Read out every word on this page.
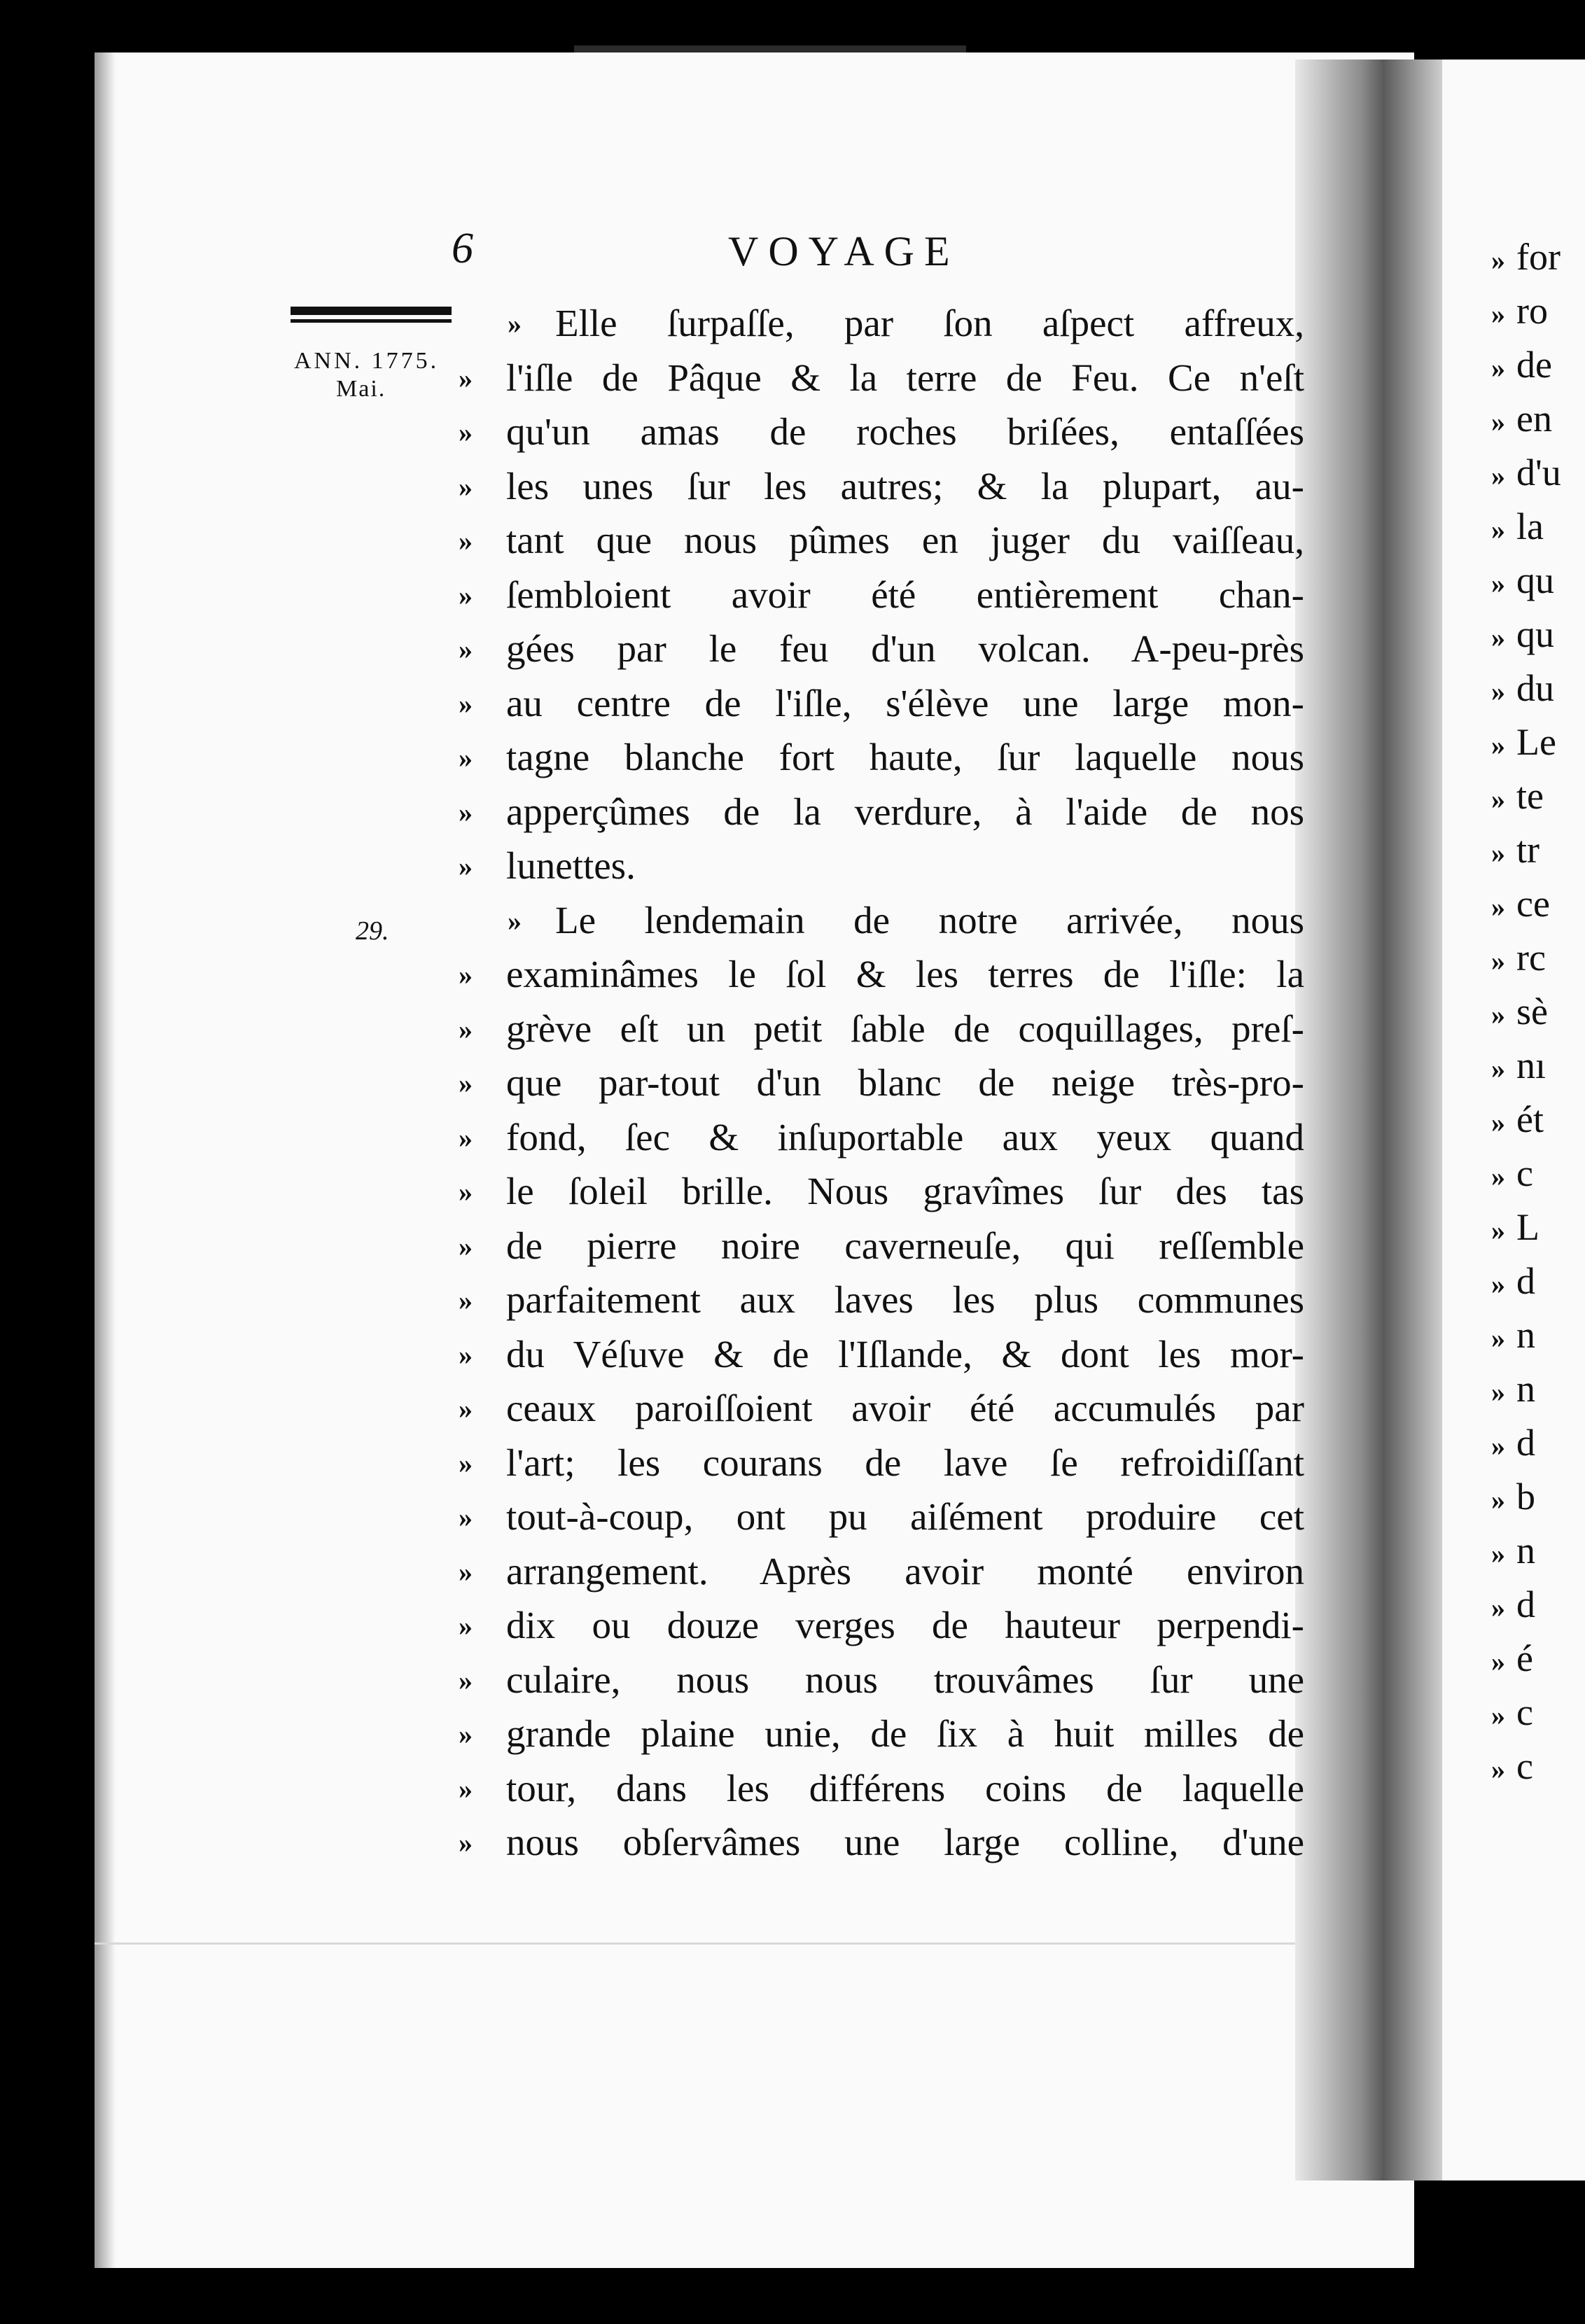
6	VOYAGE
ANN. 1775.
Mai.
29.
» Elle ſurpaſſe, par ſon aſpect affreux,
» l'iſle de Pâque & la terre de Feu. Ce n'eſt
» qu'un amas de roches briſées, entaſſées
» les unes ſur les autres; & la plupart, au-
» tant que nous pûmes en juger du vaiſſeau,
» ſembloient avoir été entièrement chan-
» gées par le feu d'un volcan. A-peu-près
» au centre de l'iſle, s'élève une large mon-
» tagne blanche fort haute, ſur laquelle nous
» apperçûmes de la verdure, à l'aide de nos
» lunettes.
» Le lendemain de notre arrivée, nous
» examinâmes le ſol & les terres de l'iſle: la
» grève eſt un petit ſable de coquillages, preſ-
» que par-tout d'un blanc de neige très-pro-
» fond, ſec & inſuportable aux yeux quand
» le ſoleil brille. Nous gravîmes ſur des tas
» de pierre noire caverneuſe, qui reſſemble
» parfaitement aux laves les plus communes
» du Véſuve & de l'Iſlande, & dont les mor-
» ceaux paroiſſoient avoir été accumulés par
» l'art; les courans de lave ſe refroidiſſant
» tout-à-coup, ont pu aiſément produire cet
» arrangement. Après avoir monté environ
» dix ou douze verges de hauteur perpendi-
» culaire, nous nous trouvâmes ſur une
» grande plaine unie, de ſix à huit milles de
» tour, dans les différens coins de laquelle
» nous obſervâmes une large colline, d'une
» for
» ro
» de
» en
» d'u
» la
» qu
» qu
» du
» Le
» te
» tr
» ce
» rc
» sè
» nı
» ét
» c
» L
» d
» n
» n
» d
» b
» n
» d
» é
» c
» c
